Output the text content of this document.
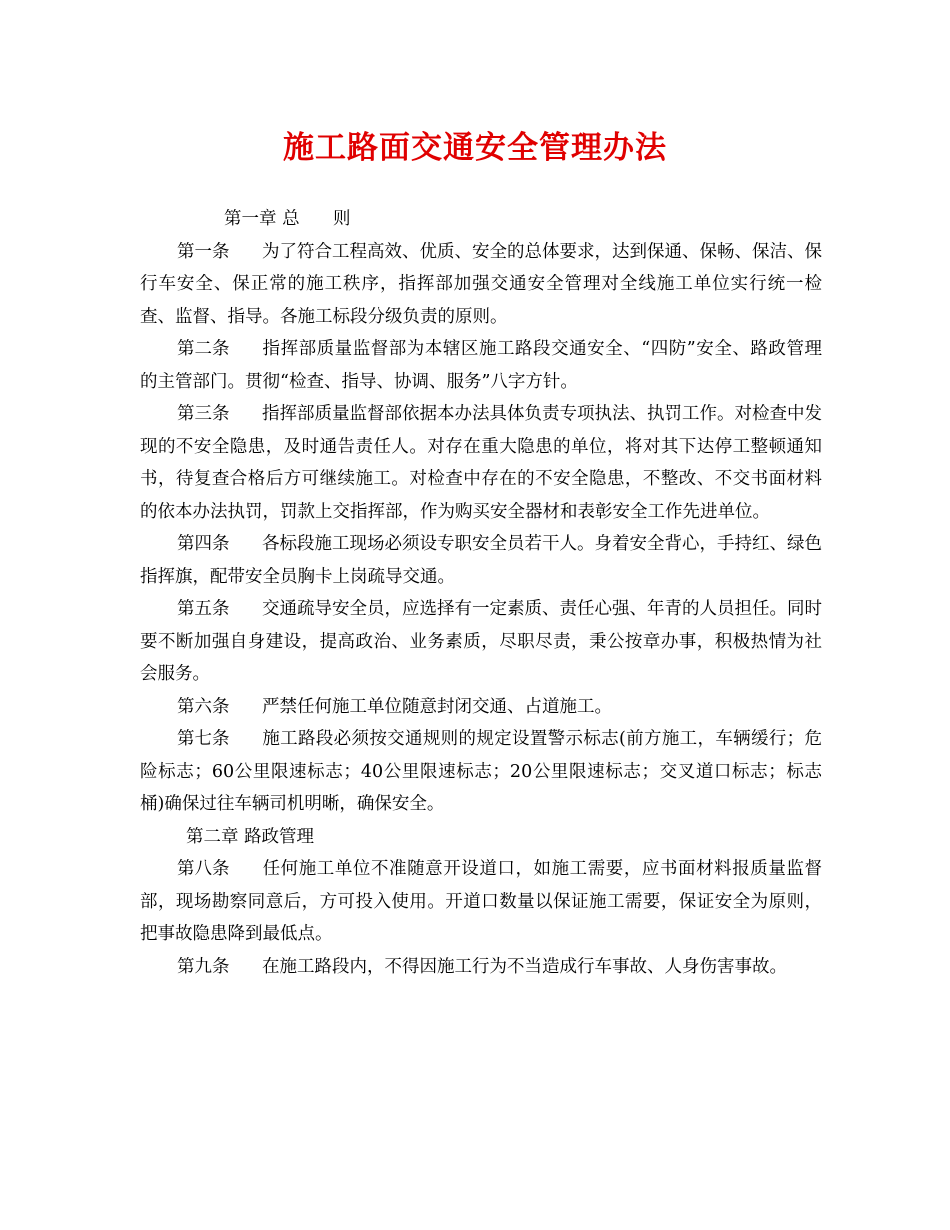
施工路面交通安全管理办法

第一章 总      则

第一条 为了符合工程高效、优质、安全的总体要求，达到保通、保畅、保洁、保行车安全、保正常的施工秩序，指挥部加强交通安全管理对全线施工单位实行统一检查、监督、指导。各施工标段分级负责的原则。

第二条 指挥部质量监督部为本辖区施工路段交通安全、“四防”安全、路政管理的主管部门。贯彻“检查、指导、协调、服务”八字方针。

第三条 指挥部质量监督部依据本办法具体负责专项执法、执罚工作。对检查中发现的不安全隐患，及时通告责任人。对存在重大隐患的单位，将对其下达停工整顿通知书，待复查合格后方可继续施工。对检查中存在的不安全隐患，不整改、不交书面材料的依本办法执罚，罚款上交指挥部，作为购买安全器材和表彰安全工作先进单位。

第四条 各标段施工现场必须设专职安全员若干人。身着安全背心，手持红、绿色指挥旗，配带安全员胸卡上岗疏导交通。

第五条 交通疏导安全员，应选择有一定素质、责任心强、年青的人员担任。同时要不断加强自身建设，提高政治、业务素质，尽职尽责，秉公按章办事，积极热情为社会服务。

第六条 严禁任何施工单位随意封闭交通、占道施工。

第七条 施工路段必须按交通规则的规定设置警示标志(前方施工，车辆缓行；危险标志；60公里限速标志；40公里限速标志；20公里限速标志；交叉道口标志；标志桶)确保过往车辆司机明晰，确保安全。

第二章 路政管理

第八条 任何施工单位不准随意开设道口，如施工需要，应书面材料报质量监督部，现场勘察同意后，方可投入使用。开道口数量以保证施工需要，保证安全为原则，把事故隐患降到最低点。

第九条 在施工路段内，不得因施工行为不当造成行车事故、人身伤害事故。
